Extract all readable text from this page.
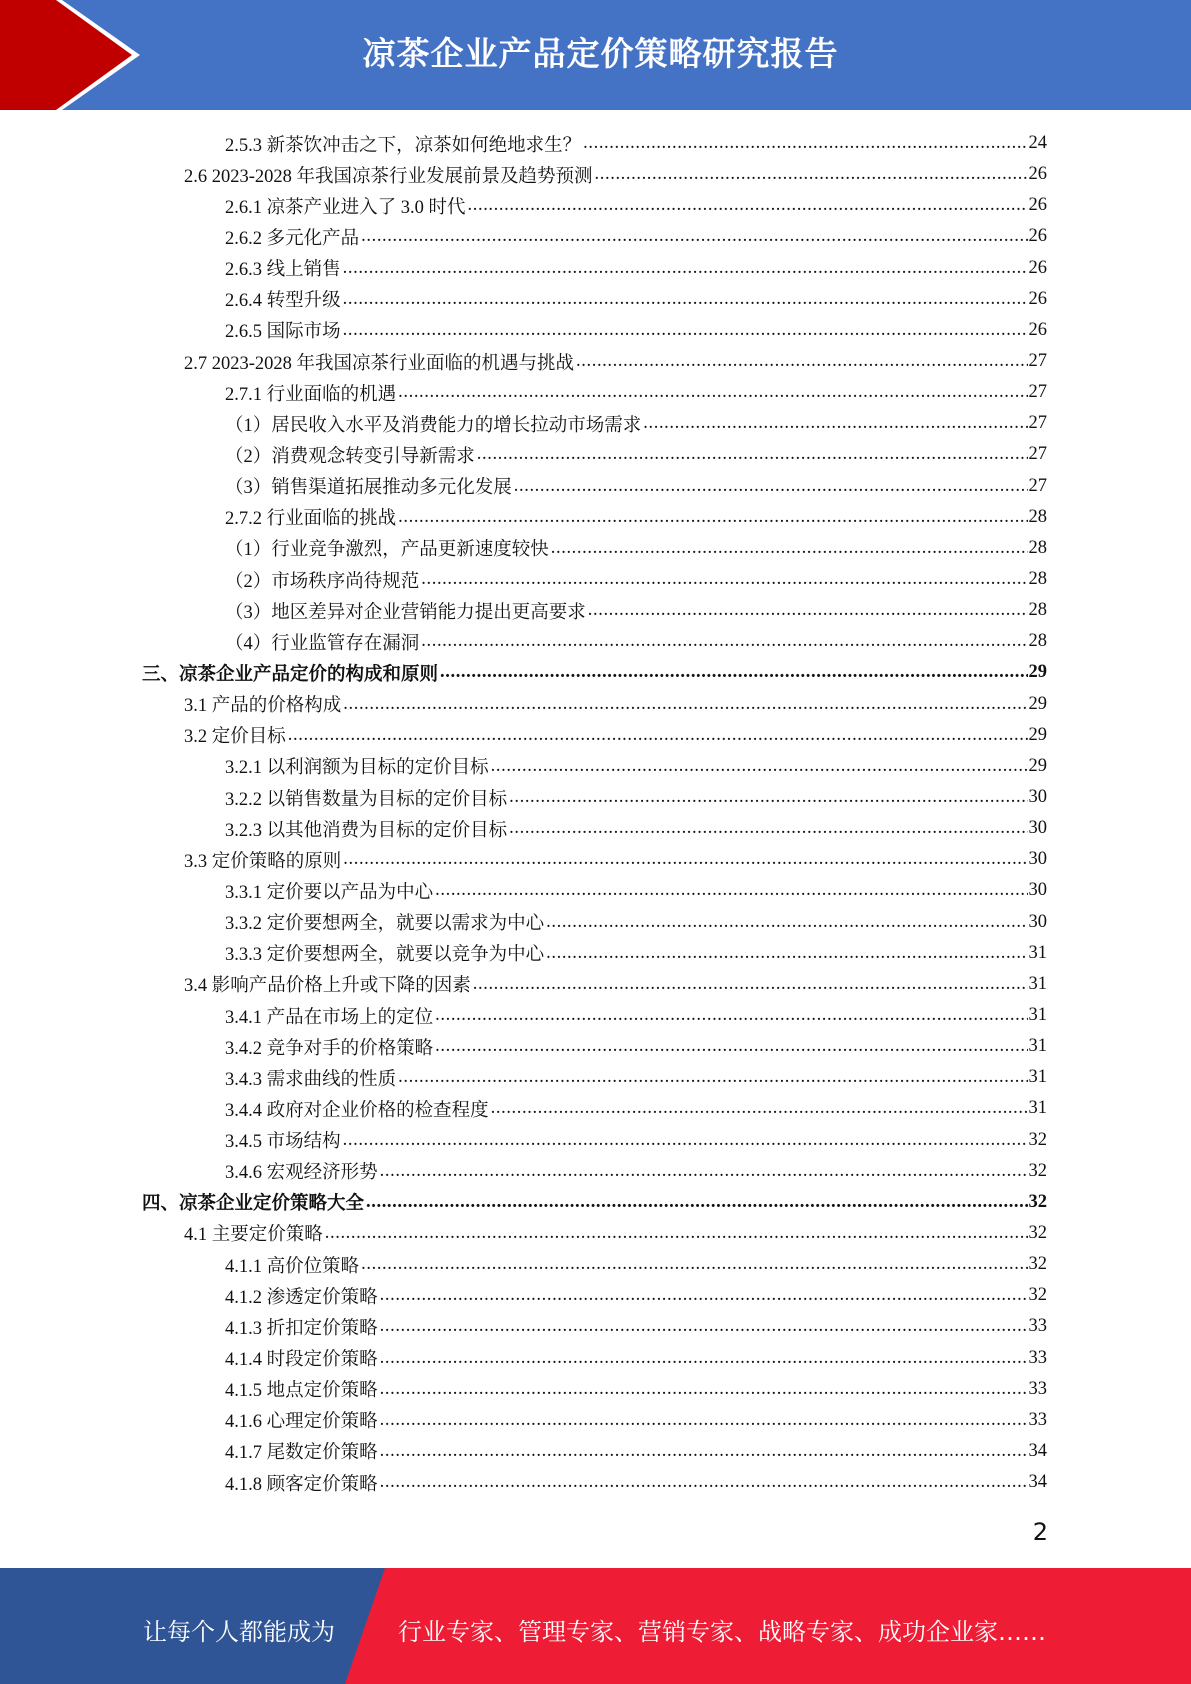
凉茶企业产品定价策略研究报告
2.5.3 新茶饮冲击之下，凉茶如何绝地求生？ .....	24
2.6 2023-2028 年我国凉茶行业发展前景及趋势预测 .....	26
2.6.1 凉茶产业进入了 3.0 时代 .....	26
2.6.2 多元化产品 .....	26
2.6.3 线上销售 .....	26
2.6.4 转型升级 .....	26
2.6.5 国际市场 .....	26
2.7 2023-2028 年我国凉茶行业面临的机遇与挑战 .....	27
2.7.1 行业面临的机遇 .....	27
（1）居民收入水平及消费能力的增长拉动市场需求 .....	27
（2）消费观念转变引导新需求 .....	27
（3）销售渠道拓展推动多元化发展 .....	27
2.7.2 行业面临的挑战 .....	28
（1）行业竞争激烈，产品更新速度较快 .....	28
（2）市场秩序尚待规范 .....	28
（3）地区差异对企业营销能力提出更高要求 .....	28
（4）行业监管存在漏洞 .....	28
三、凉茶企业产品定价的构成和原则 .....	29
3.1 产品的价格构成 .....	29
3.2 定价目标 .....	29
3.2.1 以利润额为目标的定价目标 .....	29
3.2.2 以销售数量为目标的定价目标 .....	30
3.2.3 以其他消费为目标的定价目标 .....	30
3.3 定价策略的原则 .....	30
3.3.1 定价要以产品为中心 .....	30
3.3.2 定价要想两全，就要以需求为中心 .....	30
3.3.3 定价要想两全，就要以竞争为中心 .....	31
3.4 影响产品价格上升或下降的因素 .....	31
3.4.1 产品在市场上的定位 .....	31
3.4.2 竞争对手的价格策略 .....	31
3.4.3 需求曲线的性质 .....	31
3.4.4 政府对企业价格的检查程度 .....	31
3.4.5 市场结构 .....	32
3.4.6 宏观经济形势 .....	32
四、凉茶企业定价策略大全 .....	32
4.1 主要定价策略 .....	32
4.1.1 高价位策略 .....	32
4.1.2 渗透定价策略 .....	32
4.1.3 折扣定价策略 .....	33
4.1.4 时段定价策略 .....	33
4.1.5 地点定价策略 .....	33
4.1.6 心理定价策略 .....	33
4.1.7 尾数定价策略 .....	34
4.1.8 顾客定价策略 .....	34
2
让每个人都能成为	行业专家、管理专家、营销专家、战略专家、成功企业家……
